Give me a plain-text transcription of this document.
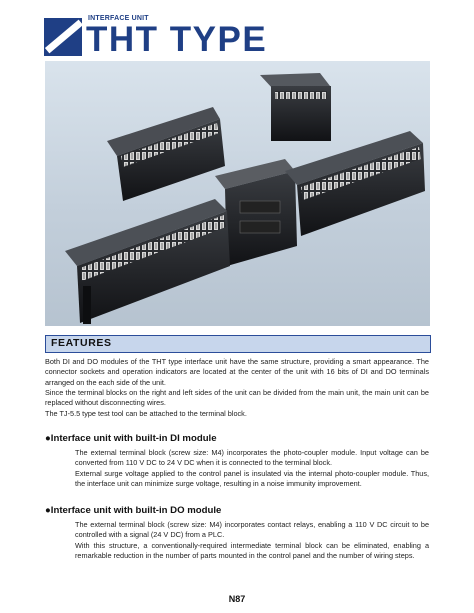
INTERFACE UNIT
THT TYPE
FEATURES

Both DI and DO modules of the THT type interface unit have the same structure, providing a smart appearance. The connector sockets and operation indicators are located at the center of the unit with 16 bits of DI and DO terminals arranged on the each side of the unit.

Since the terminal blocks on the right and left sides of the unit can be divided from the main unit, the main unit can be replaced without disconnecting wires.

The TJ-5.5 type test tool can be attached to the terminal block.

●Interface unit with built-in DI module

The external terminal block (screw size: M4) incorporates the photo-coupler module. Input voltage can be converted from 110 V DC to 24 V DC when it is connected to the terminal block.

External surge voltage applied to the control panel is insulated via the internal photo-coupler module. Thus, the interface unit can minimize surge voltage, resulting in a noise immunity improvement.

●Interface unit with built-in DO module

The external terminal block (screw size: M4) incorporates contact relays, enabling a 110 V DC circuit to be controlled with a signal (24 V DC) from a PLC.

With this structure, a conventionally-required intermediate terminal block can be eliminated, enabling a remarkable reduction in the number of parts mounted in the control panel and the number of wiring steps.

N87
